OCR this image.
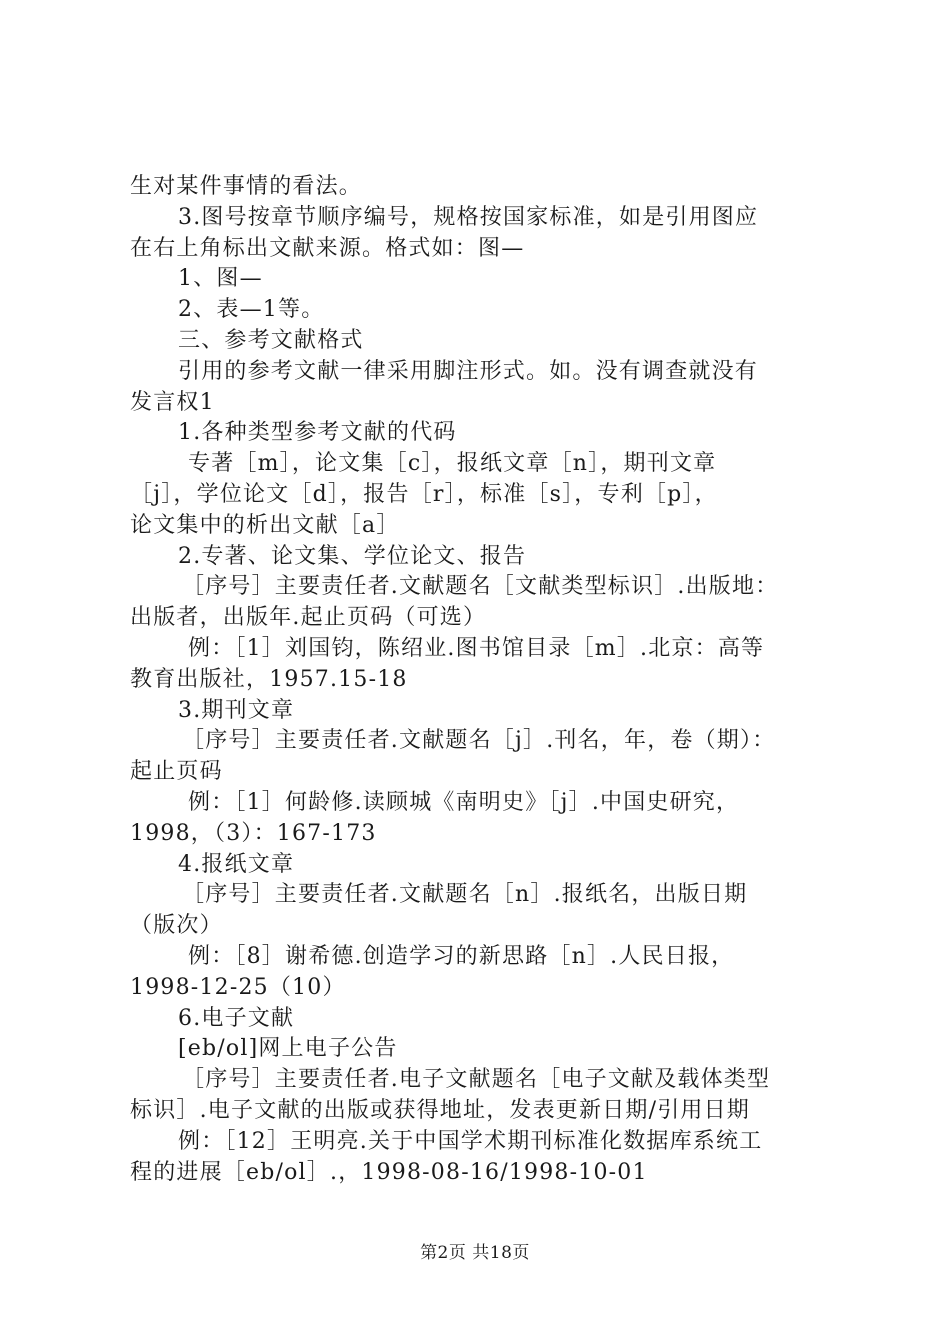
生对某件事情的看法。
3.图号按章节顺序编号，规格按国家标准，如是引用图应
在右上角标出文献来源。格式如：图—
1、图—
2、表—1等。
三、参考文献格式
引用的参考文献一律采用脚注形式。如。没有调查就没有
发言权1
1.各种类型参考文献的代码
专著［m］，论文集［c］，报纸文章［n］，期刊文章
［j］，学位论文［d］，报告［r］，标准［s］，专利［p］，
论文集中的析出文献［a］
2.专著、论文集、学位论文、报告
［序号］主要责任者.文献题名［文献类型标识］.出版地：
出版者，出版年.起止页码（可选）
例：［1］刘国钧，陈绍业.图书馆目录［m］.北京：高等
教育出版社，1957.15-18
3.期刊文章
［序号］主要责任者.文献题名［j］.刊名，年，卷（期）：
起止页码
例：［1］何龄修.读顾城《南明史》［j］.中国史研究，
1998，（3）：167-173
4.报纸文章
［序号］主要责任者.文献题名［n］.报纸名，出版日期
（版次）
例：［8］谢希德.创造学习的新思路［n］.人民日报，
1998-12-25（10）
6.电子文献
[eb/ol]网上电子公告
［序号］主要责任者.电子文献题名［电子文献及载体类型
标识］.电子文献的出版或获得地址，发表更新日期/引用日期
例：［12］王明亮.关于中国学术期刊标准化数据库系统工
程的进展［eb/ol］.，1998-08-16/1998-10-01
第2页 共18页
